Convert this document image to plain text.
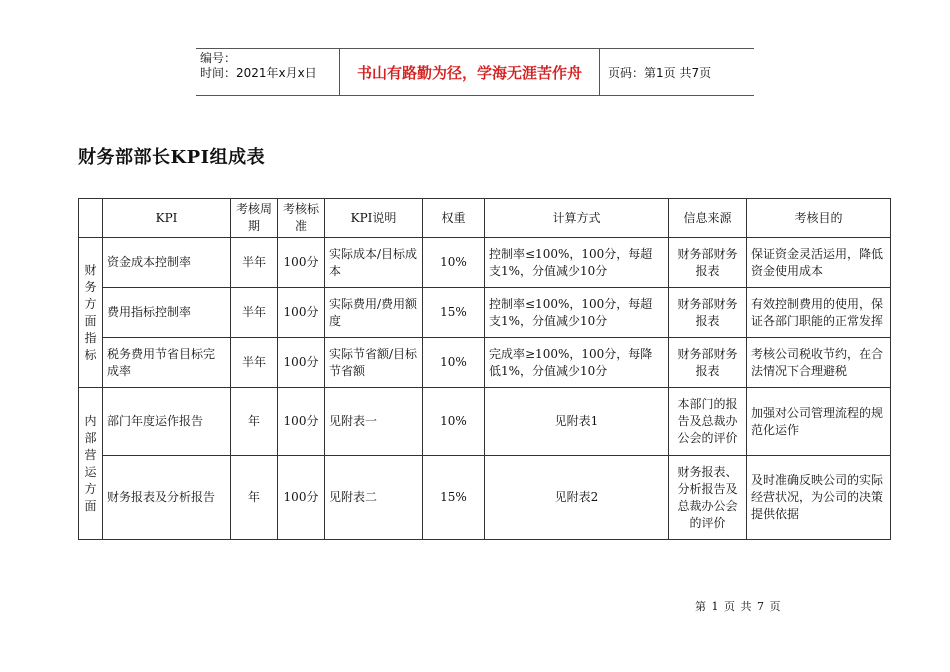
编号：
时间：2021年x月x日	书山有路勤为径，学海无涯苦作舟	页码：第1页 共7页
财务部部长KPI组成表
	KPI	考核周期	考核标准	KPI说明	权重	计算方式	信息来源	考核目的

财务方面指标	资金成本控制率	半年	100分	实际成本/目标成本	10%	控制率≤100%，100分，每超支1%，分值减少10分	财务部财务报表	保证资金灵活运用，降低资金使用成本
	费用指标控制率	半年	100分	实际费用/费用额度	15%	控制率≤100%，100分，每超支1%，分值减少10分	财务部财务报表	有效控制费用的使用，保证各部门职能的正常发挥
	税务费用节省目标完成率	半年	100分	实际节省额/目标节省额	10%	完成率≥100%，100分，每降低1%，分值减少10分	财务部财务报表	考核公司税收节约，在合法情况下合理避税

内部营运方面	部门年度运作报告	年	100分	见附表一	10%	见附表1	本部门的报告及总裁办公会的评价	加强对公司管理流程的规范化运作
	财务报表及分析报告	年	100分	见附表二	15%	见附表2	财务报表、分析报告及总裁办公会的评价	及时准确反映公司的实际经营状况，为公司的决策提供依据
第 1 页 共 7 页
